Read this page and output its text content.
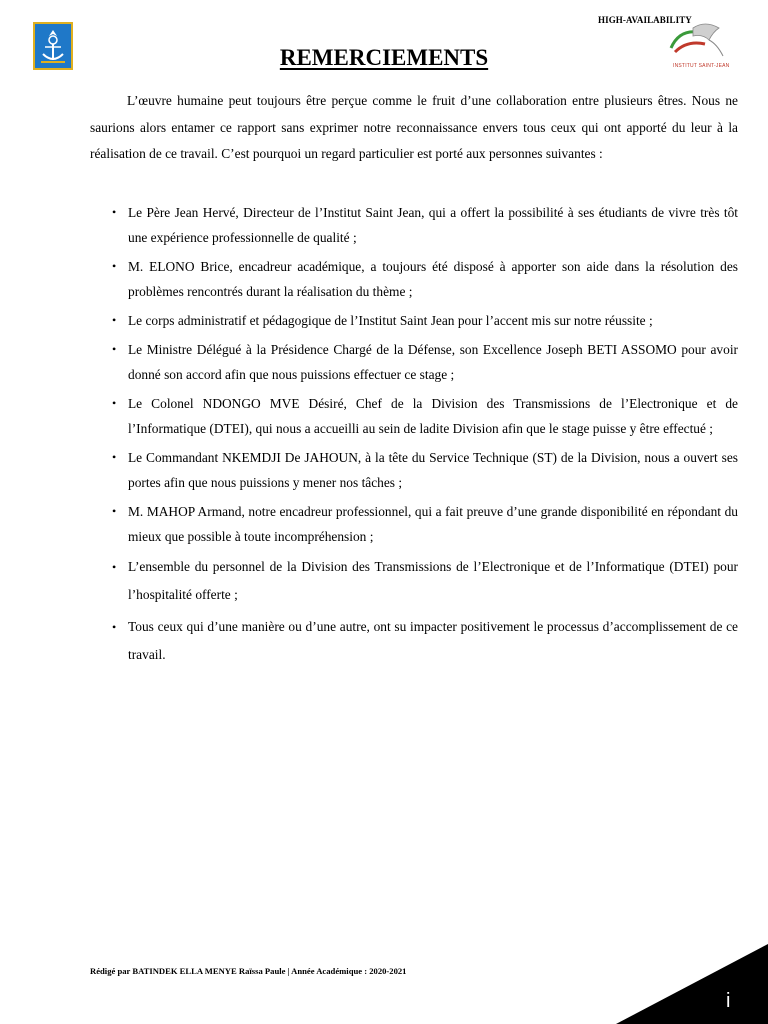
HIGH-AVAILABILITY
INSTITUT SAINT-JEAN
REMERCIEMENTS

L’œuvre humaine peut toujours être perçue comme le fruit d’une collaboration entre plusieurs êtres. Nous ne saurions alors entamer ce rapport sans exprimer notre reconnaissance envers tous ceux qui ont apporté du leur à la réalisation de ce travail. C’est pourquoi un regard particulier est porté aux personnes suivantes :

• Le Père Jean Hervé, Directeur de l’Institut Saint Jean, qui a offert la possibilité à ses étudiants de vivre très tôt une expérience professionnelle de qualité ;
• M. ELONO Brice, encadreur académique, a toujours été disposé à apporter son aide dans la résolution des problèmes rencontrés durant la réalisation du thème ;
• Le corps administratif et pédagogique de l’Institut Saint Jean pour l’accent mis sur notre réussite ;
• Le Ministre Délégué à la Présidence Chargé de la Défense, son Excellence Joseph BETI ASSOMO pour avoir donné son accord afin que nous puissions effectuer ce stage ;
• Le Colonel NDONGO MVE Désiré, Chef de la Division des Transmissions de l’Electronique et de l’Informatique (DTEI), qui nous a accueilli au sein de ladite Division afin que le stage puisse y être effectué ;
• Le Commandant NKEMDJI De JAHOUN, à la tête du Service Technique (ST) de la Division, nous a ouvert ses portes afin que nous puissions y mener nos tâches ;
• M. MAHOP Armand, notre encadreur professionnel, qui a fait preuve d’une grande disponibilité en répondant du mieux que possible à toute incompréhension ;
• L’ensemble du personnel de la Division des Transmissions de l’Electronique et de l’Informatique (DTEI) pour l’hospitalité offerte ;
• Tous ceux qui d’une manière ou d’une autre, ont su impacter positivement le processus d’accomplissement de ce travail.
Rédigé par BATINDEK ELLA MENYE Raïssa Paule | Année Académique : 2020-2021
i
